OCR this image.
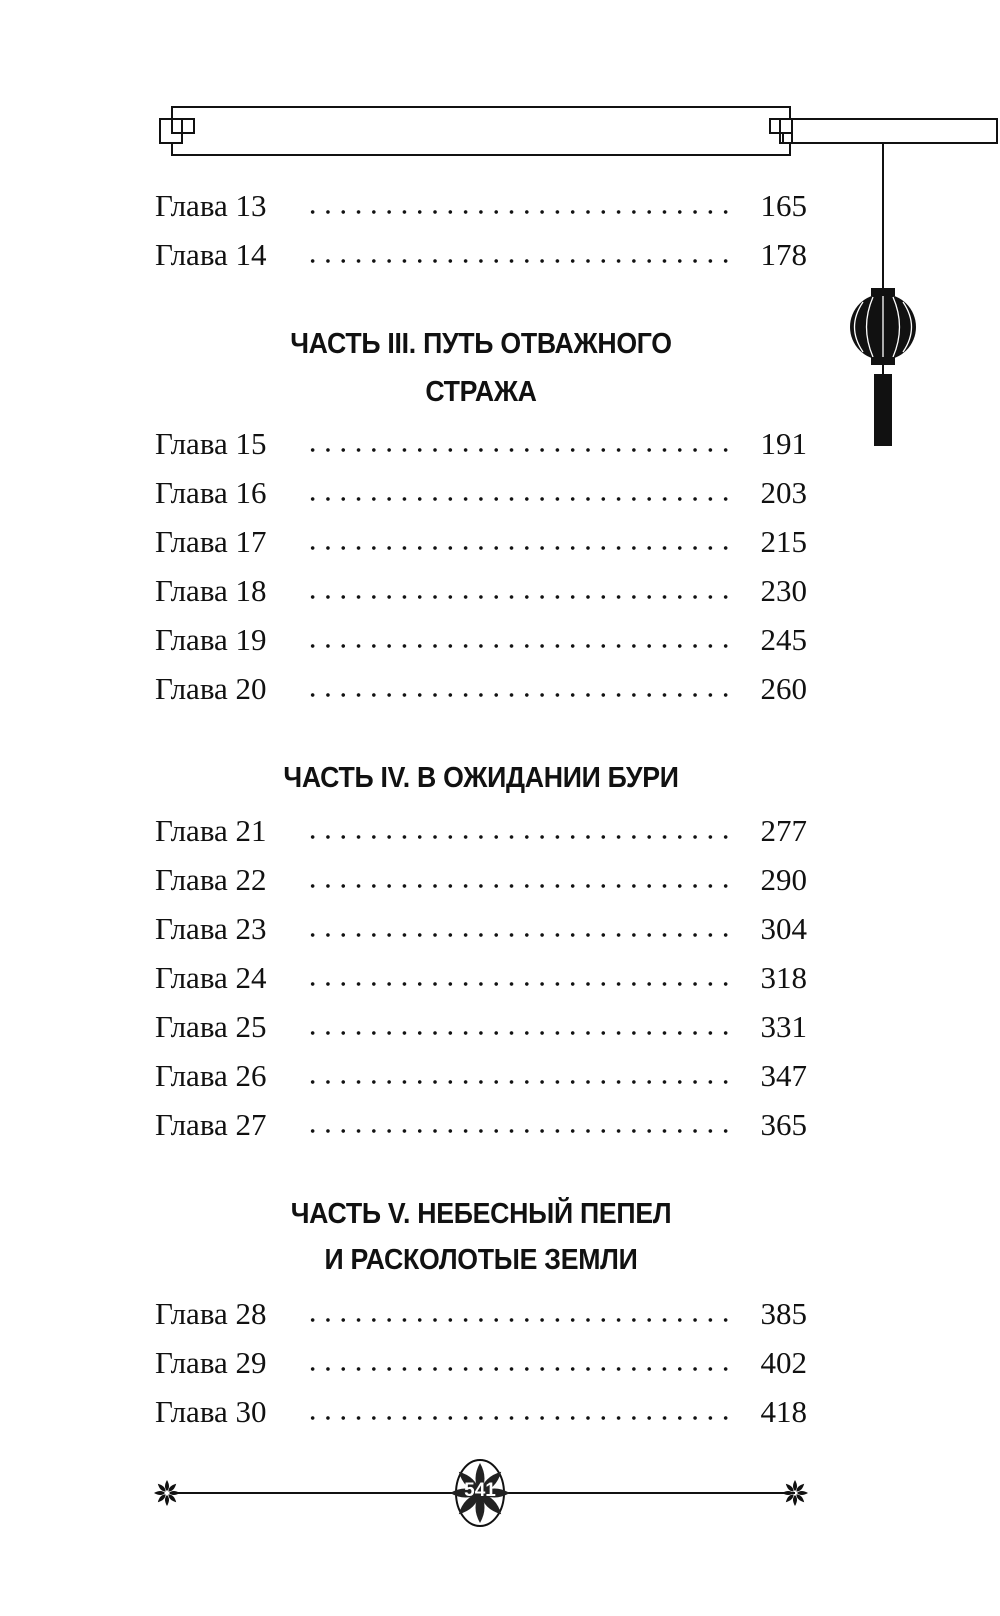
Глава 13	165
Глава 14	178
ЧАСТЬ III. ПУТЬ ОТВАЖНОГО
СТРАЖА
Глава 15	191
Глава 16	203
Глава 17	215
Глава 18	230
Глава 19	245
Глава 20	260
ЧАСТЬ IV. В ОЖИДАНИИ БУРИ
Глава 21	277
Глава 22	290
Глава 23	304
Глава 24	318
Глава 25	331
Глава 26	347
Глава 27	365
ЧАСТЬ V. НЕБЕСНЫЙ ПЕПЕЛ
И РАСКОЛОТЫЕ ЗЕМЛИ
Глава 28	385
Глава 29	402
Глава 30	418
541
